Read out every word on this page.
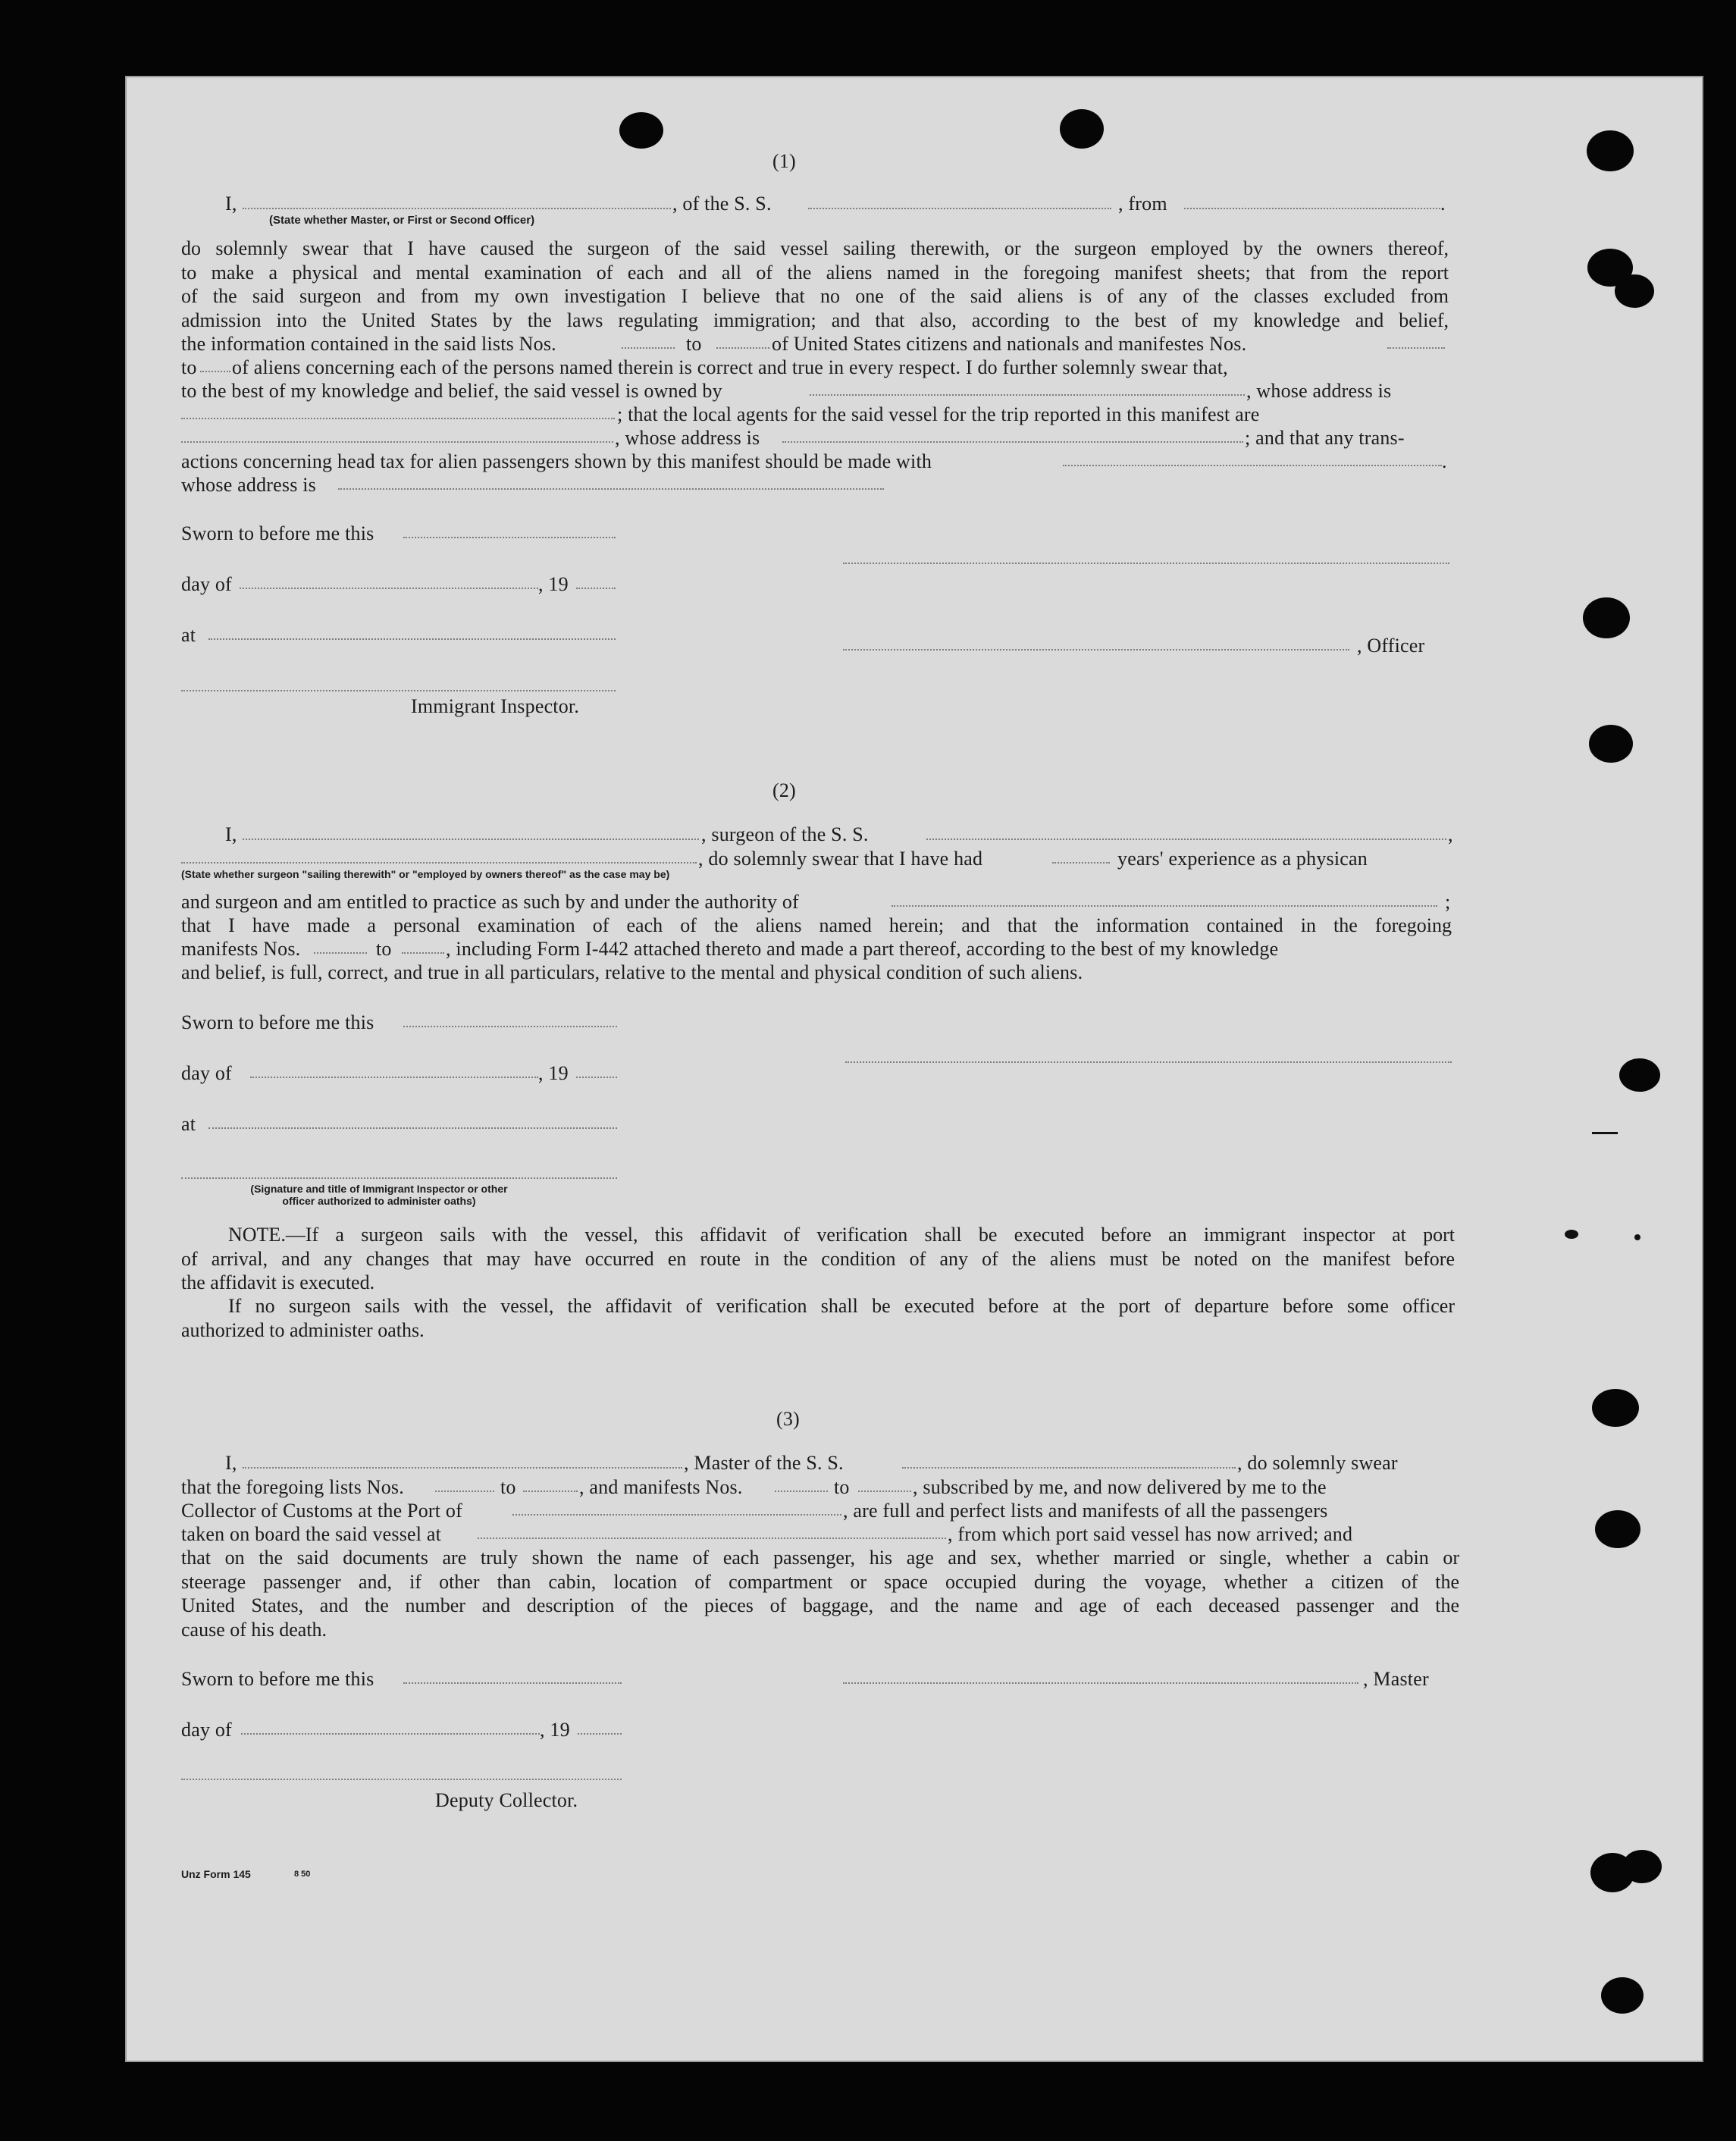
(1)
I,	, of the S. S.	, from	.
(State whether Master, or First or Second Officer)
do solemnly swear that I have caused the surgeon of the said vessel sailing therewith, or the surgeon employed by the owners thereof,
to make a physical and mental examination of each and all of the aliens named in the foregoing manifest sheets; that from the report
of the said surgeon and from my own investigation I believe that no one of the said aliens is of any of the classes excluded from
admission into the United States by the laws regulating immigration; and that also, according to the best of my knowledge and belief,
the information contained in the said lists Nos.	to	of United States citizens and nationals and manifestes Nos.
to of aliens concerning each of the persons named therein is correct and true in every respect. I do further solemnly swear that,
to the best of my knowledge and belief, the said vessel is owned by	, whose address is
; that the local agents for the said vessel for the trip reported in this manifest are
, whose address is	; and that any trans-
actions concerning head tax for alien passengers shown by this manifest should be made with	.
whose address is
Sworn to before me this
day of	, 19
at	, Officer
Immigrant Inspector.
(2)
I,	, surgeon of the S. S.	,
, do solemnly swear that I have had	years' experience as a physican
(State whether surgeon "sailing therewith" or "employed by owners thereof" as the case may be)
and surgeon and am entitled to practice as such by and under the authority of	;
that I have made a personal examination of each of the aliens named herein; and that the information contained in the foregoing
manifests Nos.	to	, including Form I-442 attached thereto and made a part thereof, according to the best of my knowledge
and belief, is full, correct, and true in all particulars, relative to the mental and physical condition of such aliens.
Sworn to before me this
day of	, 19
at
(Signature and title of Immigrant Inspector or other
officer authorized to administer oaths)
NOTE.—If a surgeon sails with the vessel, this affidavit of verification shall be executed before an immigrant inspector at port
of arrival, and any changes that may have occurred en route in the condition of any of the aliens must be noted on the manifest before
the affidavit is executed.
If no surgeon sails with the vessel, the affidavit of verification shall be executed before at the port of departure before some officer
authorized to administer oaths.
(3)
I,	, Master of the S. S.	, do solemnly swear
that the foregoing lists Nos.	to	, and manifests Nos.	to	, subscribed by me, and now delivered by me to the
Collector of Customs at the Port of	, are full and perfect lists and manifests of all the passengers
taken on board the said vessel at	, from which port said vessel has now arrived; and
that on the said documents are truly shown the name of each passenger, his age and sex, whether married or single, whether a cabin or
steerage passenger and, if other than cabin, location of compartment or space occupied during the voyage, whether a citizen of the
United States, and the number and description of the pieces of baggage, and the name and age of each deceased passenger and the
cause of his death.
Sworn to before me this	, Master
day of	, 19
Deputy Collector.
Unz Form 145	8 50
